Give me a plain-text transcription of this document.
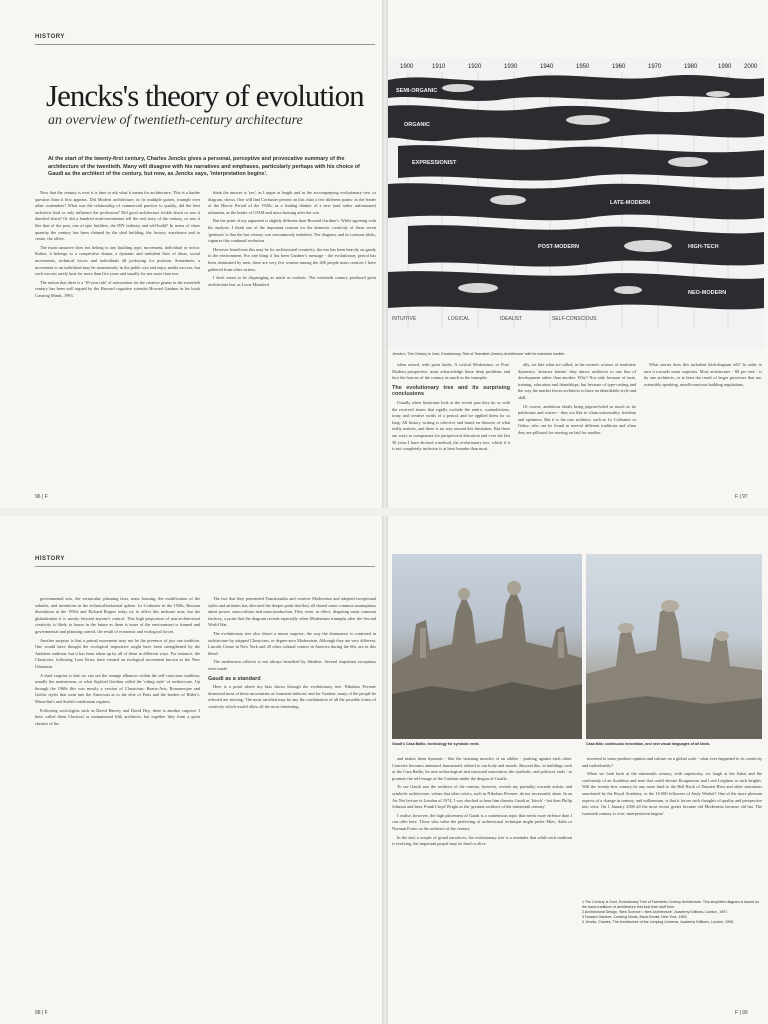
HISTORY
Jencks's theory of evolution
an overview of twentieth-century architecture
At the start of the twenty-first century, Charles Jencks gives a personal, perceptive and provocative summary of the architecture of the twentieth. Many will disagree with his narratives and emphases, particularly perhaps with his choice of Gaudi as the architect of the century, but now, as Jencks says, 'interpretation begins'.

Now that the century is over it is time to ask what it meant for architecture. This is a harder question than it first appears. Did Modern architecture, in its multiple guises, triumph over other contenders? What was the relationship of commercial practice to quality, did the best architects lead or only influence the profession? Did good architecture trickle down or was it dumbed down? Or did a hundred mini-movements tell the real story of the century, or was it like that of the past, one of epic builders, the DIY industry and self-build? In terms of sheer quantity the century has been claimed by the shed building, the factory, warehouse and to create, the office.

The main narrative does not belong to any building type, movement, individual or sector. Rather, it belongs to a competitive drama, a dynamic and turbulent flow of ideas, social movements, technical forces and individuals all jockeying for position. Sometimes, a movement or an individual may be momentarily in the public eye and enjoy media success, but such success rarely lasts for more than five years and usually for not more than two.

The notion that there is a '10-year rule' of reinvention for the creative genius in the twentieth century has been well argued by the Harvard cognitive scientist Howard Gardner in his book Creating Minds, 1993.

think the answer is 'yes', as I argue at length and as the accompanying evolutionary tree, or diagram, shows. One will find Corbusier present on this chart a few different points: as the leader of the Heroic Period of the 1920s, as a leading thinker of a new (and rather unfortunate) urbanism, as the leader of CIAM and mass housing after the war.

But the point of my argument is slightly different than Howard Gardner's. While agreeing with his analysis, I think one of the important reasons for the domestic creativity of these seven 'geniuses' is that the last century was uncommonly turbulent. The diagram, and its tortuous blobs, captures this continual evolution.

However beneficent this may be for architectural creativity, the rise has been heavily on gaudy to the environment. For one thing it has been Gardner's message - the evolutionary period has been dominated by men, there are very few women among the 400 people mass creators I have gathered from other writers.

I don't mean to be disparaging as much as realistic. The twentieth century produced great architecture but, as Louis Mumford

96 | F
1900	1910	1920	1930	1940	1950	1960	1970	1980	1990 2000
SEMI-ORGANIC
ORGANIC
EXPRESSIONIST
LATE-MODERN
HIGH-TECH
NEO-MODERN
POST-MODERN
INTUITIVE	LOGICAL	IDEALIST	SELF-CONSCIOUS
Jencks's 'The Century is Over, Evolutionary Tree of Twentieth-Century Architecture' with its extensive lowline.

when mixed, with great faults. A critical Modernism, or Post-Modern perspective, must acknowledge these deep problems and face the horrors of the century as much as the triumphs.

The evolutionary tree and its surprising conclusions

Usually when historians look at the recent past they do so with the received issues that rigidly exclude the entire, contradictions, irony and creative swirls of a period, and we applied them for so long. All history writing is selective and based on theories of what really matters, and there is no way around this limitation. But there are ways to compensate for perspectival distortion and over the last 30 years I have devised a method, the evolutionary tree, which if it is not completely inclusive is at least broader than most.

ally, act like what are called, in the esoteric science of nonlinear dynamics, 'attractor basins': they attract architects to one line of development rather than another. Why? Not only because of taste, training, education and friendships, but because of type-casting and the way the market forces architects to have an identifiable style and skill.

Of course, ambitious ideals being pigeon-holed as much as do politicians and writers - they too like to claim universality, freedom and openness. But it is the rare architect, such as Le Corbusier or Gehry, who can be found in several different traditions and often they are pilloried for moving on laid for another.

What stories does this turbulent blob-diagram tell? In order to turn it towards some surprises. Most architecture - 80 per cent - is by one architects, or at least the result of larger processes that are, ostensibly speaking, unselfconscious building regulations,

F | 97
HISTORY

governmental acts, the vernacular, planning laws, mass housing, the modification of the suburbs, and inventions in the technical/industrial sphere. Le Corbusier in the 1920s, Russian dissolution in the 1930s and Richard Rogers today try to affect this inchoate area, but the globalization it is mostly beyond anyone's control. This high proportion of non-architectural creativity is likely to house in the future as there is more of the environment is framed and governmental and planning control, the result of economic and ecological forces.

Another surprise is that a primal movement may not be the presence of just one tradition. One would have thought the ecological imperative might have been strengthened by the Ambient tradition, but it has been taken up by all of them in different ways. For instance, the Classicists, following Leon Krier, have created an ecological movement known as the New Urbanism.

A third surprise is that we can see the strange alliances within the self-conscious tradition, usually the mainstream, or what Sigfried Giedion called the 'ruling style' of architecture. Up through the 1960s this was mostly a version of Classicism: Beaux-Arts, Romanesque and Gothic styles that went into the American as to the elite of Paris and the leaders of Hitler's, Mussolini's and Stalin's totalitarian regimes.

Following sociologists such as David Harvey and David Hey, there is another surprise: I have called them Classical or monumental fifth architects, but together they form a great clusters of the

The fact that they permeated Functionalist and creative Modernism and adopted exceptional styles and attitudes has obscured the deeper point that they all shared some common assumptions about power, mass-culture and mass-production. They were, in effect, disputing some common territory, a point that the diagram reveals especially when Modernism triumphs after the Second World War.

The evolutionary tree also shows a minor surprise: the way the dominance is contested in architecture by stripped Classicism, or degree-zero Modernism. Although they are very different, Lincoln Centre in New York and 20 other cultural centres in America during the 60s, are in this blend.

The modernism rollover is not always benefited by Idealists. Several important exceptions were made.

Gaudi as a standard

Here is a point where my bias shows through the evolutionary tree. Nikolaus Pevsner dismissed most of these movements as 'transient fashions' and for Gardner, many of the people he selected are missing. The most satisfied may be any the combination of all the possible forms of creativity which would allow all the most interesting.

98 | F
Gaudi's Casa Batllo, technology for symbolic ends.	Casa Mila: continuous innovation, and new visual languages of all kinds.

and makes them dynamic - like the straining muscles of an athlete - pushing against each other. Concrete becomes animated, humanised, related to our body and moods. Beyond this, in buildings such as the Casa Batllo, he uses technological and structural innovation, the symbolic, and political, ends - to promote the self-image of the Catalans under the dragon of Castile.

To see Gaudi was the architect of the century, however, reveals my partiality towards artistic and symbolic architecture, values that other critics, such as Nikolaus Pevsner, do not necessarily share. In an Art Net lecture in London of 1974, I was shocked to hear him dismiss Gaudi as 'kitsch' - but then Philip Johnson and later, Frank Lloyd Wright as the 'greatest architect of the nineteenth century'.

I realise, however, the high placement of Gaudi is a contentious topic that needs more defence than I can offer here. Those who value the perfecting of architectural technique might prefer Mies, Aalto or Norman Foster as the architect of the century.

In the end, a sceptic of grand narratives, the evolutionary tree is a reminder that while each tradition is evolving, the important people may be dead or alive.

invented to mass-produce opinion and culture on a global scale - what ever happened to its creativity and individuality?

When we look back at the nineteenth century, with superiority, we laugh at the Salon and the conformity of an Academy and note that could elevate Bouguereau and Lord Leighton to such heights. Will the twenty-first century be any more kind to the Bell Rock of Damien Hirst and other sensations sanctioned by the Royal Academy, or the 10 000 followers of Andy Warhol? One of the more pleasant aspects of a change in century, and millennium, is that it forces such thoughts of quality and perspective into view. On 1 January 2000 all the most recent greats became old Modernists because old hat. The twentieth century is over; interpretation begins!

1 The Century is Over, Evolutionary Tree of Twentieth-Century Architecture. This simplified diagram is based on the basic traditions of architecture that look their stuff from.
2 Architectural Design, 'New Science = New Architecture', Academy Editions, London, 1997.
3 Howard Gardner, Creating Minds, Basic Books, New York, 1993.
4 Jencks, Charles. The Architecture of the Jumping Universe, Academy Editions, London, 1995.
F | 99
